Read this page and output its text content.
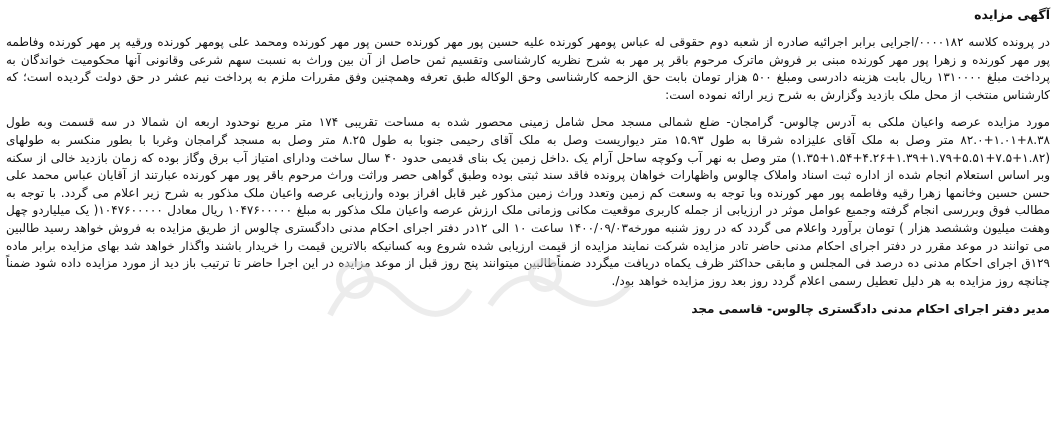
آگهی مزایده

در پرونده کلاسه ۰۰۰۰۱۸۲/اجرایی برابر اجرائیه صادره از شعبه دوم حقوقی له عباس پومهر کورنده علیه حسین پور مهر کورنده حسن پور مهر کورنده ومحمد علی پومهر کورنده ورقیه پر مهر کورنده وفاطمه پور مهر کورنده و زهرا پور مهر کورنده مبنی بر فروش ماترک مرحوم باقر پر مهر به شرح نظریه کارشناسی وتقسیم ثمن حاصل از آن بین وراث به نسبت سهم شرعی وقانونی آنها محکومیت خواندگان به پرداخت مبلغ ۱۳۱۰۰۰۰ ریال بابت هزینه دادرسی ومبلغ ۵۰۰ هزار تومان بابت حق الزحمه کارشناسی وحق الوکاله طبق تعرفه وهمچنین وفق مقررات ملزم به پرداخت نیم عشر در حق دولت گردیده است؛ که کارشناس منتخب از محل ملک بازدید وگزارش به شرح زیر ارائه نموده است:

مورد مزایده عرصه واعیان ملکی به آدرس چالوس- گرامجان- ضلع شمالی مسجد محل شامل زمینی محصور شده به مساحت تقریبی ۱۷۴ متر مربع نوحدود اربعه ان شمالا در سه قسمت وبه طول ۸.۳۸+۱.۰۱+۸۲.۰ متر وصل به ملک آقای علیزاده شرقا به طول ۱۵.۹۳ متر دیواریست وصل به ملک آقای رحیمی جنوبا به طول ۸.۲۵ متر وصل به مسجد گرامجان وغربا با بطور منکسر به طولهای (۱.۸۲+۷.۵+۵.۵۱+۱.۷۹+۱.۳۹+۴.۲۶+۱.۵۴+۱.۳۵) متر وصل به نهر آب وکوچه ساحل آرام یک .داخل زمین یک بنای قدیمی حدود ۴۰ سال ساخت ودارای امتیاز آب برق وگاز بوده که زمان بازدید خالی از سکنه وبر اساس استعلام انجام شده از اداره ثبت اسناد واملاک چالوس واظهارات خواهان پرونده فاقد سند ثبتی بوده وطبق گواهی حصر وراثت وراث مرحوم باقر پور مهر کورنده عبارتند از آقایان عباس محمد علی حسن حسین وخانمها زهرا رقیه وفاطمه پور مهر کورنده وبا توجه به وسعت کم زمین وتعدد وراث زمین مذکور غیر قابل افراز بوده وارزیابی عرصه واعیان ملک مذکور به شرح زیر اعلام می گردد. با توجه به مطالب فوق وبررسی انجام گرفته وجمیع عوامل موثر در ارزیابی از جمله کاربری موقعیت مکانی وزمانی ملک ارزش عرصه واعیان ملک مذکور به مبلغ ۱۰۴۷۶۰۰۰۰۰ ریال معادل ۱۰۴۷۶۰۰۰۰۰( یک میلیاردو چهل وهفت میلیون وششصد هزار ) تومان برآورد واعلام می گردد که در روز شنبه مورخه۱۴۰۰/۰۹/۰۳ ساعت ۱۰ الی ۱۲در دفتر اجرای احکام مدنی دادگستری چالوس از طریق مزایده به فروش خواهد رسید طالبین می توانند در موعد مقرر در دفتر اجرای احکام مدنی حاضر تادر مزایده شرکت نمایند مزایده از قیمت ارزیابی شده شروع وبه کسانیکه بالاترین قیمت را خریدار باشند واگذار خواهد شد بهای مزایده برابر ماده ۱۲۹ق اجرای احکام مدنی ده درصد فی المجلس و مابقی حداکثر ظرف یکماه دریافت میگردد ضمناًطالبین میتوانند پنج روز قبل از موعد مزایده در این اجرا حاضر تا ترتیب باز دید از مورد مزایده داده شود ضمناً چنانچه روز مزایده به هر دلیل تعطیل رسمی اعلام گردد روز بعد روز مزایده خواهد بود/.

مدیر دفتر اجرای احکام مدنی دادگستری چالوس- قاسمی مجد
